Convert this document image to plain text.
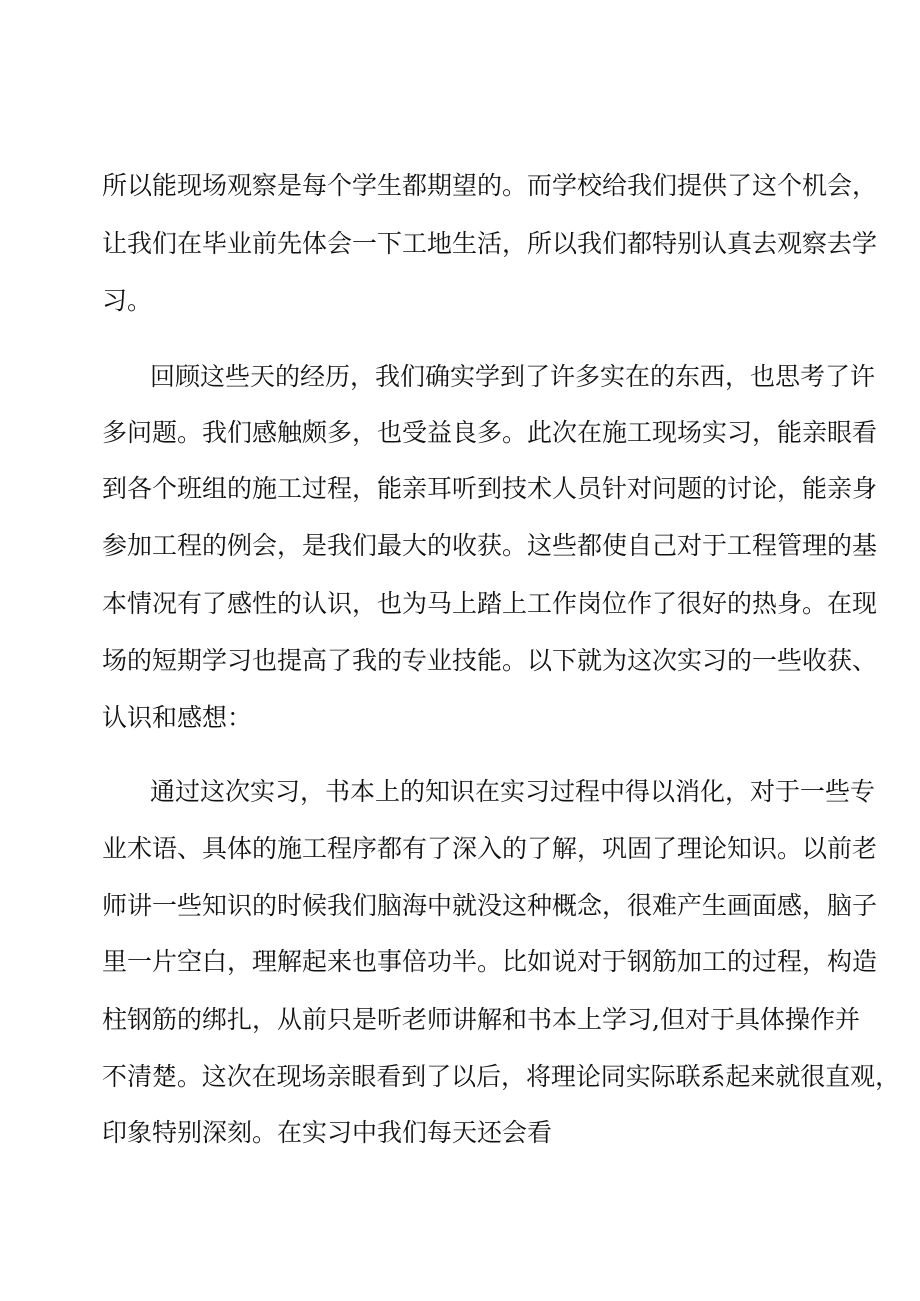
所以能现场观察是每个学生都期望的。而学校给我们提供了这个机会，
让我们在毕业前先体会一下工地生活，所以我们都特别认真去观察去学
习。
回顾这些天的经历，我们确实学到了许多实在的东西，也思考了许
多问题。我们感触颇多，也受益良多。此次在施工现场实习，能亲眼看
到各个班组的施工过程，能亲耳听到技术人员针对问题的讨论，能亲身
参加工程的例会，是我们最大的收获。这些都使自己对于工程管理的基
本情况有了感性的认识，也为马上踏上工作岗位作了很好的热身。在现
场的短期学习也提高了我的专业技能。以下就为这次实习的一些收获、
认识和感想：
通过这次实习，书本上的知识在实习过程中得以消化，对于一些专
业术语、具体的施工程序都有了深入的了解，巩固了理论知识。以前老
师讲一些知识的时候我们脑海中就没这种概念，很难产生画面感，脑子
里一片空白，理解起来也事倍功半。比如说对于钢筋加工的过程，构造
柱钢筋的绑扎，从前只是听老师讲解和书本上学习,但对于具体操作并
不清楚。这次在现场亲眼看到了以后，将理论同实际联系起来就很直观，
印象特别深刻。在实习中我们每天还会看
